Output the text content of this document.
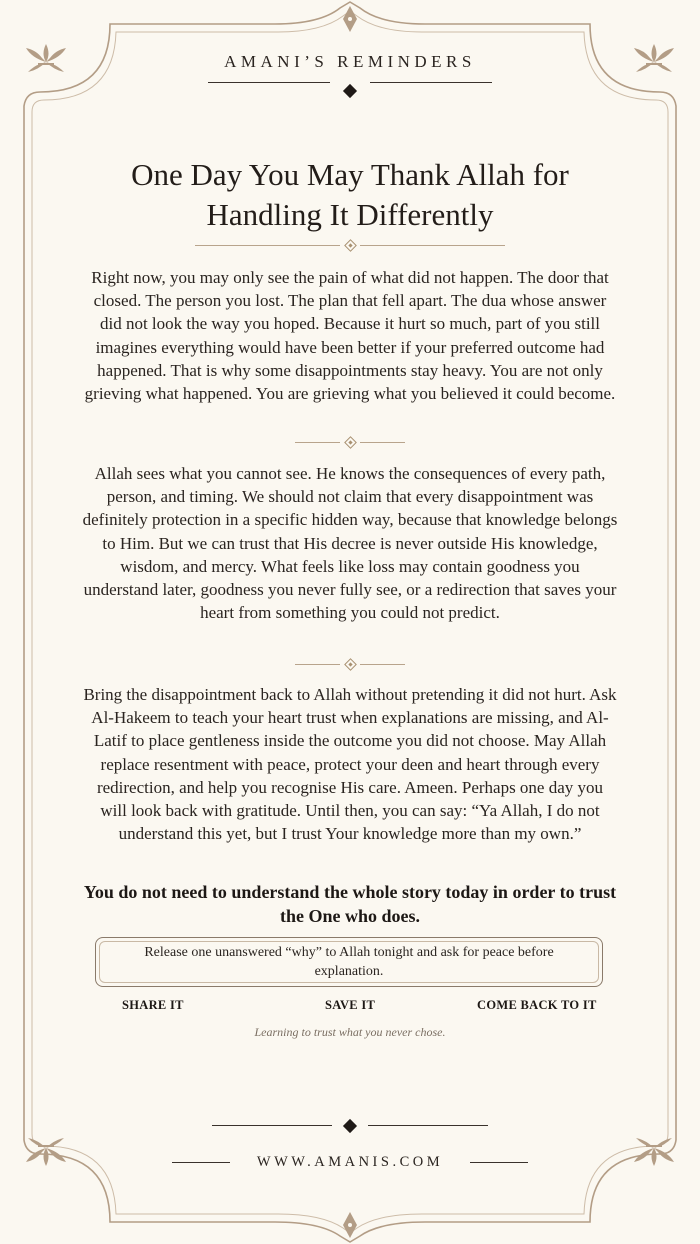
AMANI’S REMINDERS
One Day You May Thank Allah for
Handling It Differently

Right now, you may only see the pain of what did not happen. The door that closed. The person you lost. The plan that fell apart. The dua whose answer did not look the way you hoped. Because it hurt so much, part of you still imagines everything would have been better if your preferred outcome had happened. That is why some disappointments stay heavy. You are not only grieving what happened. You are grieving what you believed it could become.

Allah sees what you cannot see. He knows the consequences of every path, person, and timing. We should not claim that every disappointment was definitely protection in a specific hidden way, because that knowledge belongs to Him. But we can trust that His decree is never outside His knowledge, wisdom, and mercy. What feels like loss may contain goodness you understand later, goodness you never fully see, or a redirection that saves your heart from something you could not predict.

Bring the disappointment back to Allah without pretending it did not hurt. Ask Al-Hakeem to teach your heart trust when explanations are missing, and Al-Latif to place gentleness inside the outcome you did not choose. May Allah replace resentment with peace, protect your deen and heart through every redirection, and help you recognise His care. Ameen. Perhaps one day you will look back with gratitude. Until then, you can say: “Ya Allah, I do not understand this yet, but I trust Your knowledge more than my own.”

You do not need to understand the whole story today in order to trust the One who does.

Release one unanswered “why” to Allah tonight and ask for peace before explanation.
SHARE IT	SAVE IT	COME BACK TO IT
Learning to trust what you never chose.
WWW.AMANIS.COM
